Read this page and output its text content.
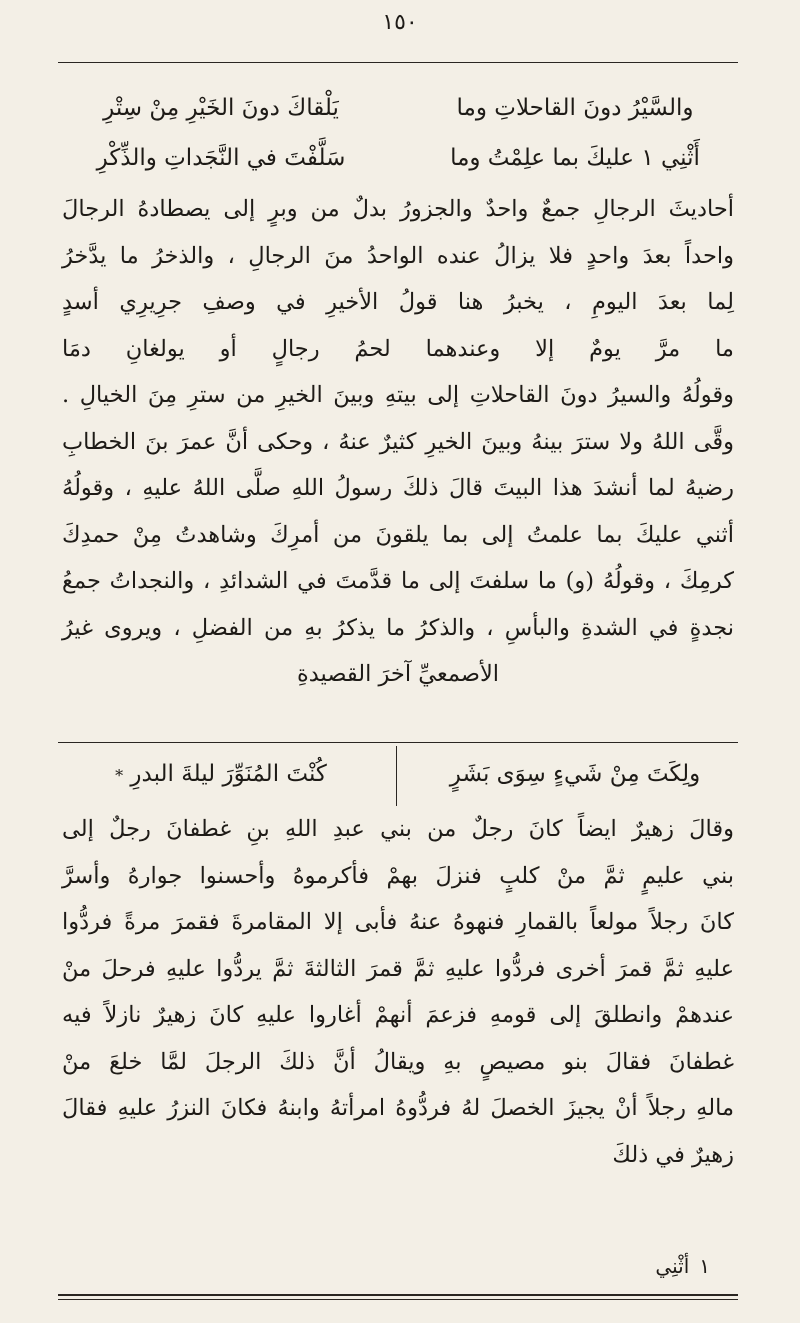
١٥٠
والسَّيْرُ دونَ القاحلاتِ وما
يَلْقاكَ دونَ الخَيْرِ مِنْ سِتْرِ
أَثْنِي ١ عليكَ بما علِمْتُ وما
سَلَّفْتَ في النَّجَداتِ والذِّكْرِ

أحاديثَ الرجالِ جمعٌ واحدٌ والجزورُ بدلٌ من وبرٍ إلى يصطادهُ الرجالَ

واحداً بعدَ واحدٍ فلا يزالُ عنده الواحدُ منَ الرجالِ ، والذخرُ ما يدَّخرُ

لِما بعدَ اليومِ ، يخبرُ هنا قولُ الأخيرِ في وصفِ جرِيرِي أسدٍ

ما مرَّ يومٌ إلا وعندهما لحمُ رجالٍ أو يولغانِ دمَا

وقولُهُ والسيرُ دونَ القاحلاتِ إلى بيتهِ وبينَ الخيرِ من سترِ مِنَ الخيالِ .

وقَّى اللهُ ولا سترَ بينهُ وبينَ الخيرِ كثيرٌ عنهُ ، وحكى أنَّ عمرَ بنَ الخطابِ

رضيهُ لما أنشدَ هذا البيتَ قالَ ذلكَ رسولُ اللهِ صلَّى اللهُ عليهِ ، وقولُهُ

أثني عليكَ بما علمتُ إلى بما يلقونَ من أمرِكَ وشاهدتُ مِنْ حمدِكَ

كرمِكَ ، وقولُهُ (و) ما سلفتَ إلى ما قدَّمتَ في الشدائدِ ، والنجداتُ جمعُ

نجدةٍ في الشدةِ والبأسِ ، والذكرُ ما يذكرُ بهِ من الفضلِ ، ويروى غيرُ

الأصمعيِّ آخرَ القصيدةِ

ولِكَتَ مِنْ شَيءٍ سِوَى بَشَرٍ
كُنْتَ المُنَوِّرَ ليلةَ البدرِ *

وقالَ زهيرٌ ايضاً كانَ رجلٌ من بني عبدِ اللهِ بنِ غطفانَ رجلٌ إلى

بني عليمٍ ثمَّ منْ كلبٍ فنزلَ بهمْ فأكرموهُ وأحسنوا جوارهُ وأسرَّ

كانَ رجلاً مولعاً بالقمارِ فنهوهُ عنهُ فأبى إلا المقامرةَ فقمرَ مرةً فردُّوا

عليهِ ثمَّ قمرَ أخرى فردُّوا عليهِ ثمَّ قمرَ الثالثةَ ثمَّ يردُّوا عليهِ فرحلَ منْ

عندهمْ وانطلقَ إلى قومهِ فزعمَ أنهمْ أغاروا عليهِ كانَ زهيرٌ نازلاً فيه

غطفانَ فقالَ بنو مصيصٍ بهِ ويقالُ أنَّ ذلكَ الرجلَ لمَّا خلعَ منْ

مالهِ رجلاً أنْ يجيزَ الخصلَ لهُ فردُّوهُ امرأتهُ وابنهُ فكانَ النزرُ عليهِ فقالَ

زهيرٌ في ذلكَ

١أثْنِي
